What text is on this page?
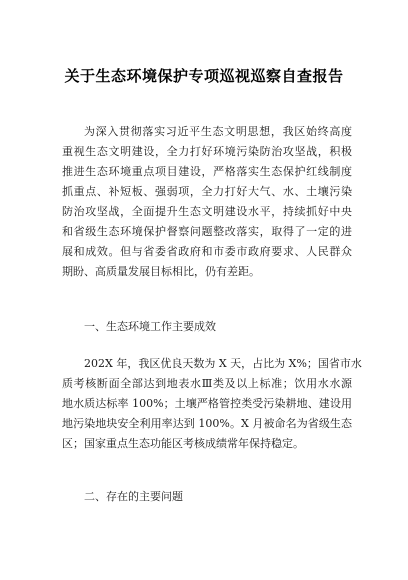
关于生态环境保护专项巡视巡察自查报告
为深入贯彻落实习近平生态文明思想，我区始终高度
重视生态文明建设，全力打好环境污染防治攻坚战，积极
推进生态环境重点项目建设，严格落实生态保护红线制度
抓重点、补短板、强弱项，全力打好大气、水、土壤污染
防治攻坚战，全面提升生态文明建设水平，持续抓好中央
和省级生态环境保护督察问题整改落实，取得了一定的进
展和成效。但与省委省政府和市委市政府要求、人民群众
期盼、高质量发展目标相比，仍有差距。
一、生态环境工作主要成效
202X 年，我区优良天数为 X 天，占比为 X%；国省市水
质考核断面全部达到地表水Ⅲ类及以上标准；饮用水水源
地水质达标率 100%；土壤严格管控类受污染耕地、建设用
地污染地块安全利用率达到 100%。X 月被命名为省级生态
区；国家重点生态功能区考核成绩常年保持稳定。
二、存在的主要问题
